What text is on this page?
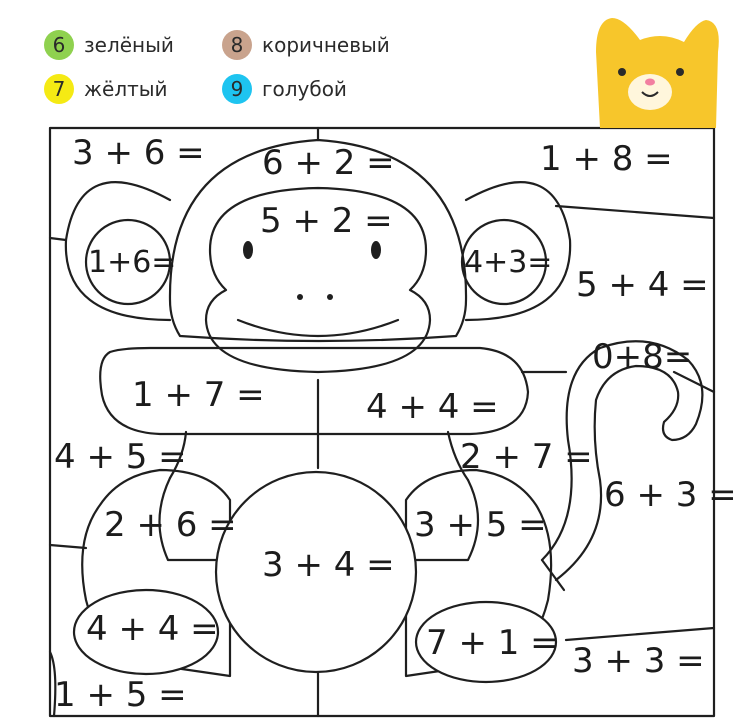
6 зелёный	8 коричневый
7 жёлтый	9 голубой
3 + 6 = 6 + 2 =	1 + 8 =
5 + 2 =
1+6=	4+3=
5 + 4 =
0+8=
1 + 7 =	4 + 4 =
4 + 5 =	2 + 7 =
6 + 3 =
2 + 6 =
3 + 4 =
3 + 5 =
4 + 4 =	7 + 1 = 3 + 3 =
1 + 5 =
